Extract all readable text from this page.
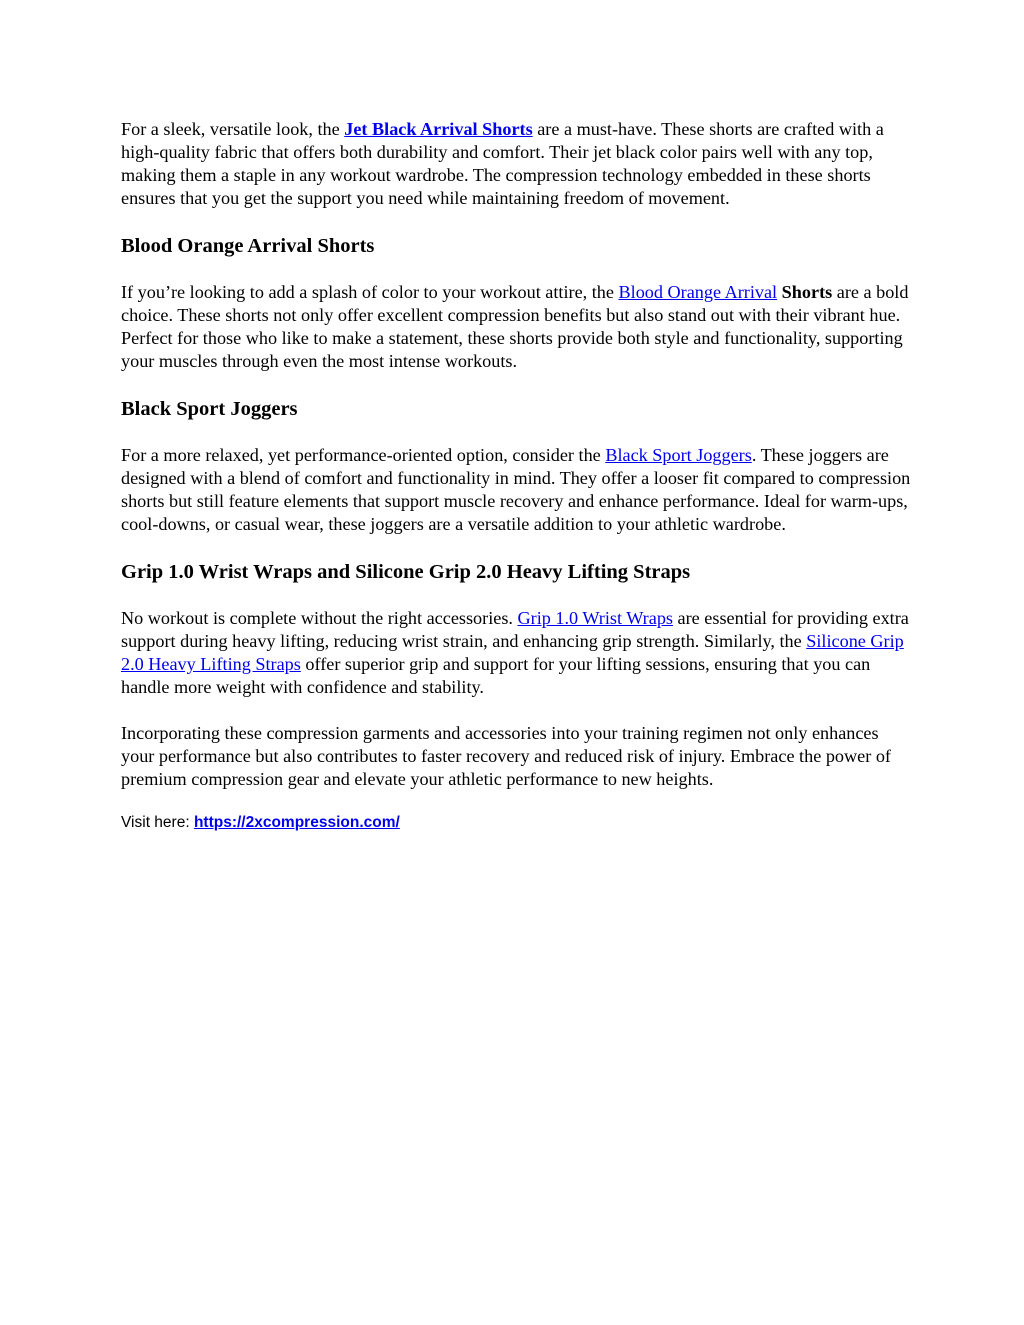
For a sleek, versatile look, the Jet Black Arrival Shorts are a must-have. These shorts are crafted with a high-quality fabric that offers both durability and comfort. Their jet black color pairs well with any top, making them a staple in any workout wardrobe. The compression technology embedded in these shorts ensures that you get the support you need while maintaining freedom of movement.

Blood Orange Arrival Shorts

If you’re looking to add a splash of color to your workout attire, the Blood Orange Arrival Shorts are a bold choice. These shorts not only offer excellent compression benefits but also stand out with their vibrant hue. Perfect for those who like to make a statement, these shorts provide both style and functionality, supporting your muscles through even the most intense workouts.

Black Sport Joggers

For a more relaxed, yet performance-oriented option, consider the Black Sport Joggers. These joggers are designed with a blend of comfort and functionality in mind. They offer a looser fit compared to compression shorts but still feature elements that support muscle recovery and enhance performance. Ideal for warm-ups, cool-downs, or casual wear, these joggers are a versatile addition to your athletic wardrobe.

Grip 1.0 Wrist Wraps and Silicone Grip 2.0 Heavy Lifting Straps

No workout is complete without the right accessories. Grip 1.0 Wrist Wraps are essential for providing extra support during heavy lifting, reducing wrist strain, and enhancing grip strength. Similarly, the Silicone Grip 2.0 Heavy Lifting Straps offer superior grip and support for your lifting sessions, ensuring that you can handle more weight with confidence and stability.

Incorporating these compression garments and accessories into your training regimen not only enhances your performance but also contributes to faster recovery and reduced risk of injury. Embrace the power of premium compression gear and elevate your athletic performance to new heights.

Visit here: https://2xcompression.com/
